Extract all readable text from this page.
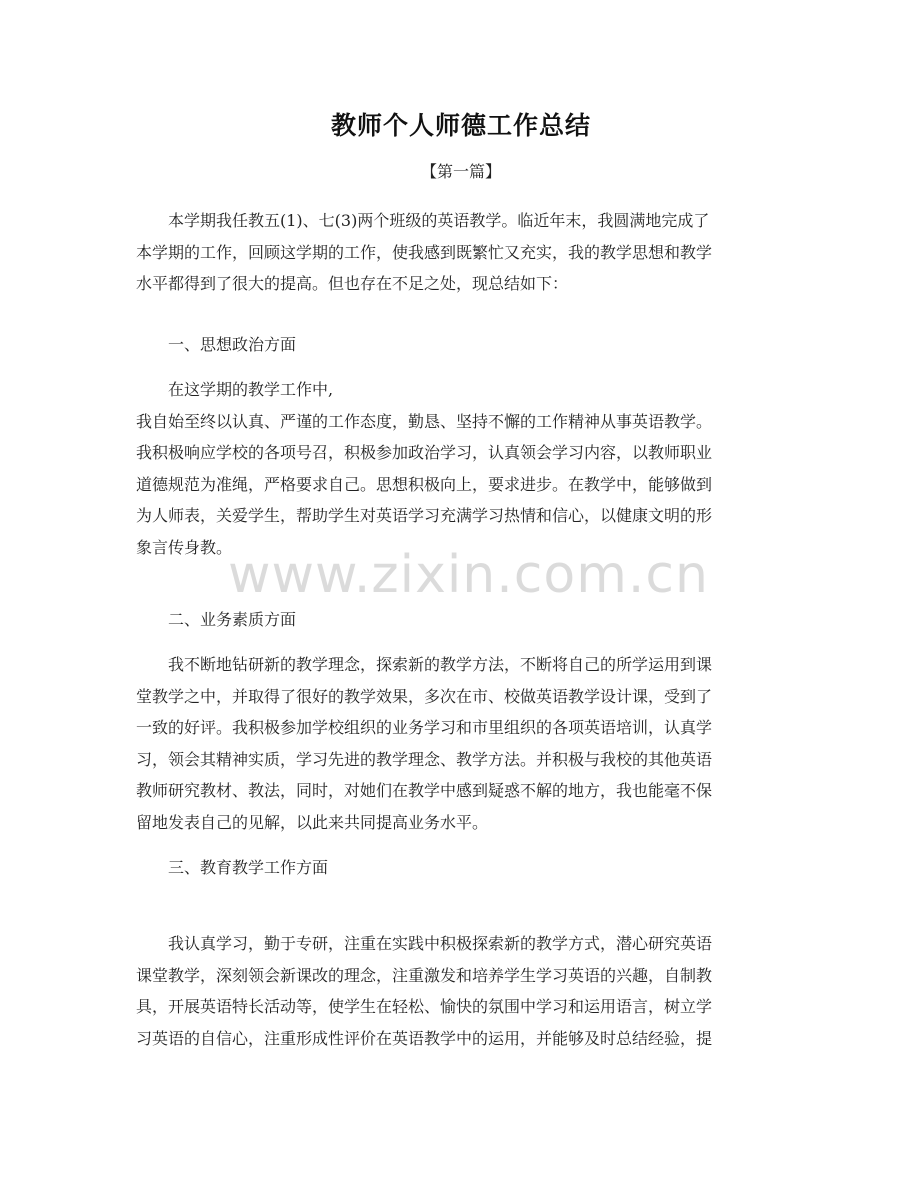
教师个人师德工作总结
【第一篇】
本学期我任教五(1)、七(3)两个班级的英语教学。临近年末，我圆满地完成了
本学期的工作，回顾这学期的工作，使我感到既繁忙又充实，我的教学思想和教学
水平都得到了很大的提高。但也存在不足之处，现总结如下：
一、思想政治方面
在这学期的教学工作中,
我自始至终以认真、严谨的工作态度，勤恳、坚持不懈的工作精神从事英语教学。
我积极响应学校的各项号召，积极参加政治学习，认真领会学习内容，以教师职业
道德规范为准绳，严格要求自己。思想积极向上，要求进步。在教学中，能够做到
为人师表，关爱学生，帮助学生对英语学习充满学习热情和信心，以健康文明的形
象言传身教。
二、业务素质方面
我不断地钻研新的教学理念，探索新的教学方法，不断将自己的所学运用到课
堂教学之中，并取得了很好的教学效果，多次在市、校做英语教学设计课，受到了
一致的好评。我积极参加学校组织的业务学习和市里组织的各项英语培训，认真学
习，领会其精神实质，学习先进的教学理念、教学方法。并积极与我校的其他英语
教师研究教材、教法，同时，对她们在教学中感到疑惑不解的地方，我也能毫不保
留地发表自己的见解，以此来共同提高业务水平。
三、教育教学工作方面
我认真学习，勤于专研，注重在实践中积极探索新的教学方式，潜心研究英语
课堂教学，深刻领会新课改的理念，注重激发和培养学生学习英语的兴趣，自制教
具，开展英语特长活动等，使学生在轻松、愉快的氛围中学习和运用语言，树立学
习英语的自信心，注重形成性评价在英语教学中的运用，并能够及时总结经验，提
www.zixin.com.cn
